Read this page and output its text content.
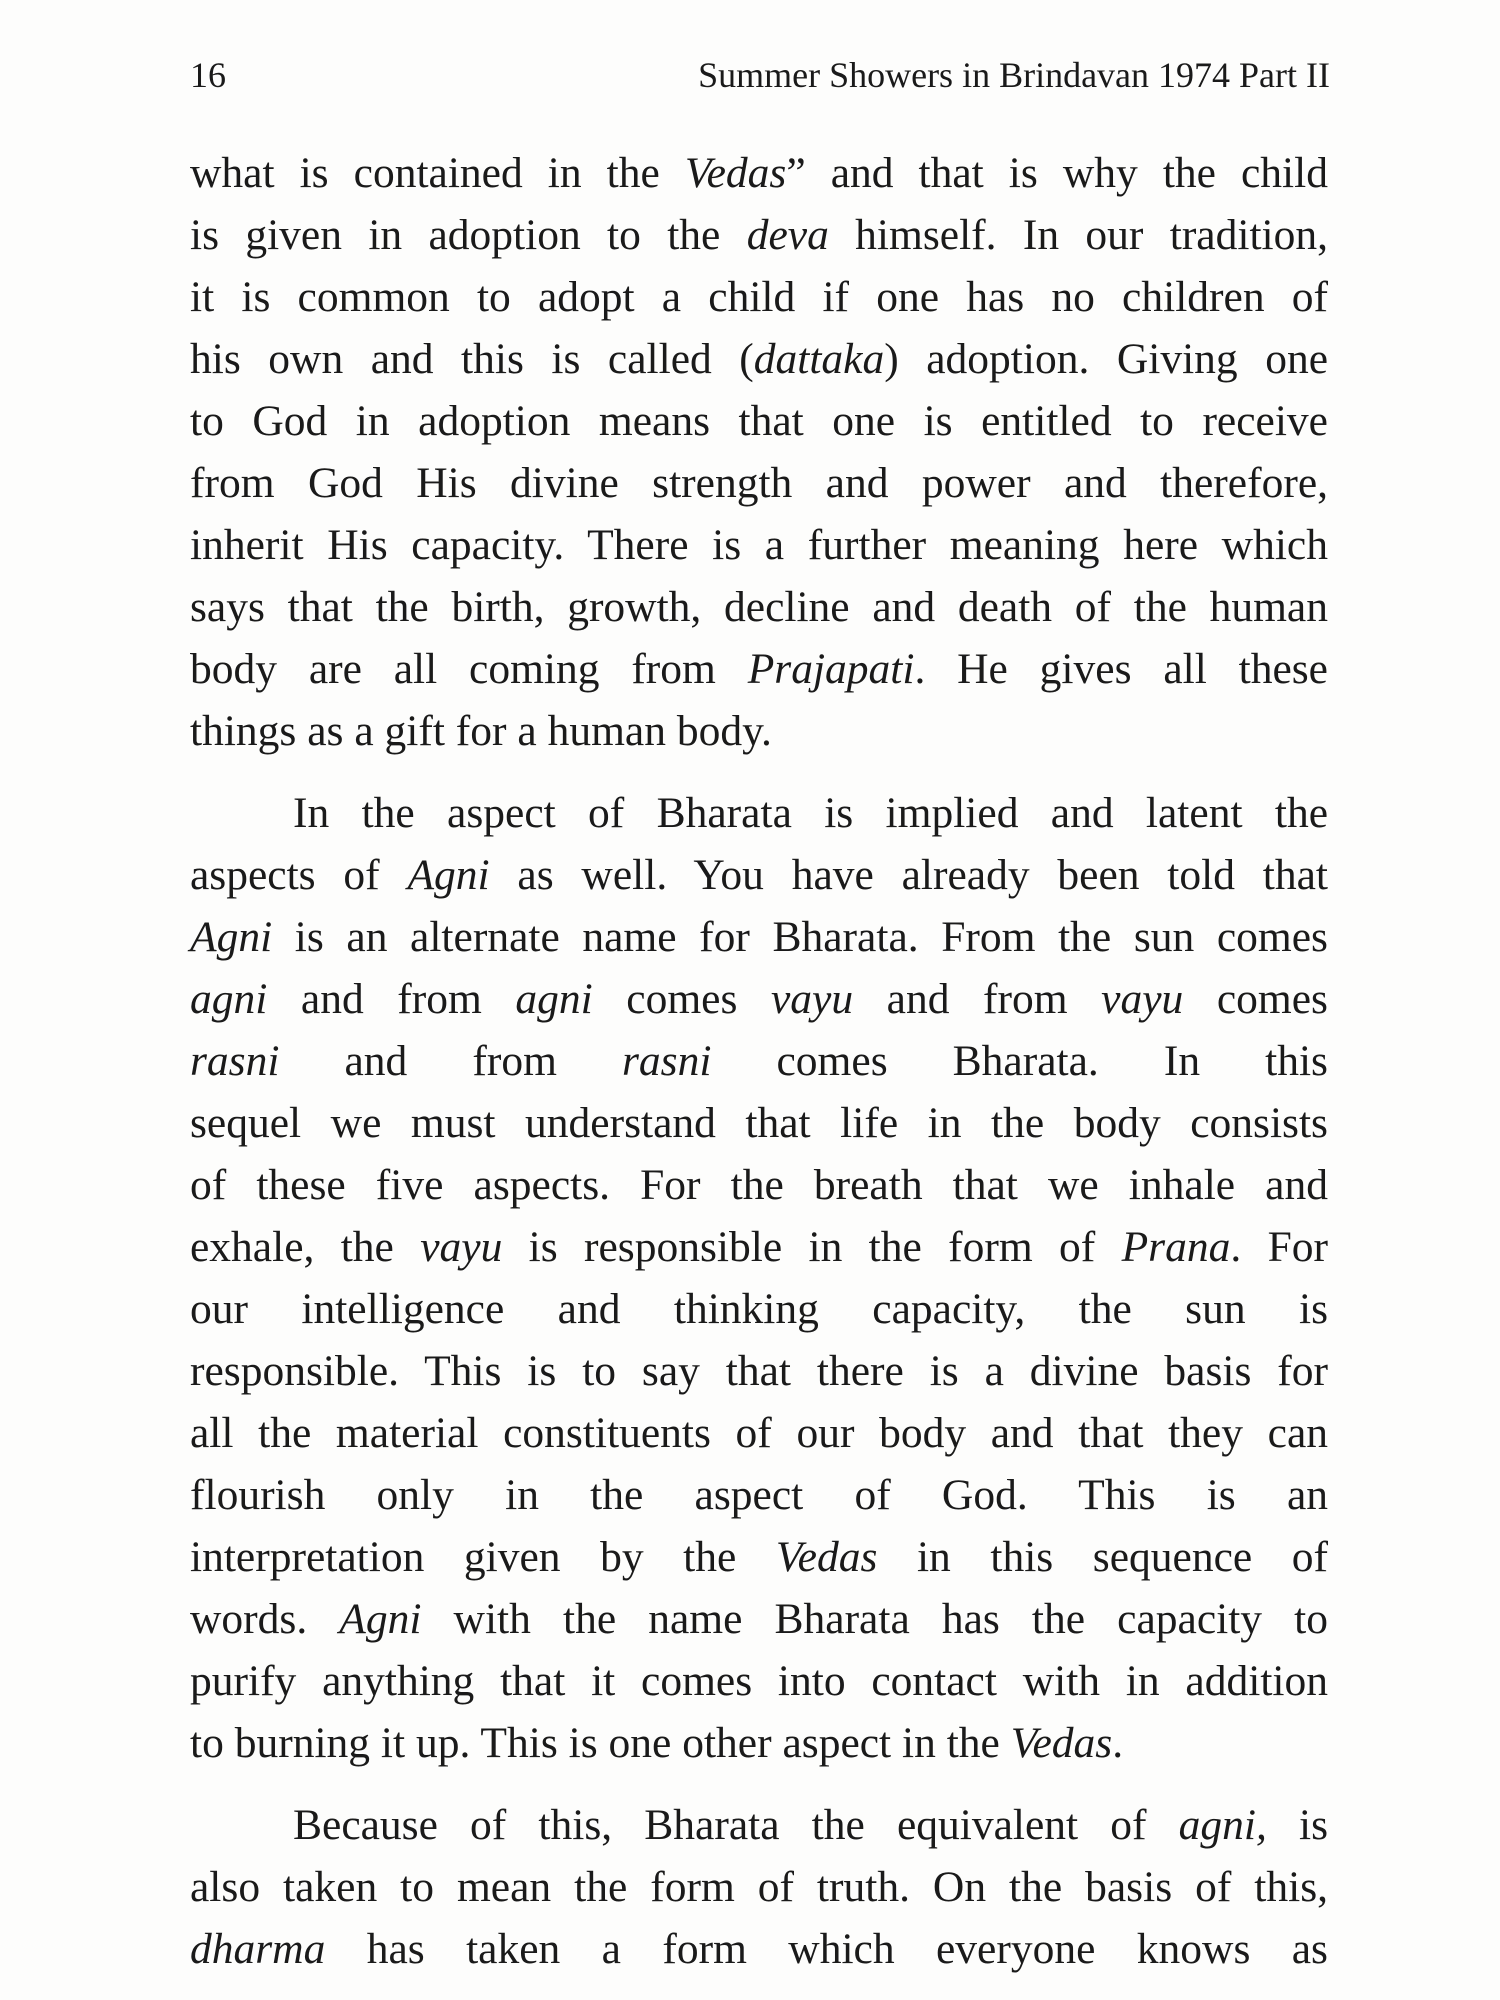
16	Summer Showers in Brindavan 1974 Part II
what is contained in the Vedas” and that is why the child
is given in adoption to the deva himself. In our tradition,
it is common to adopt a child if one has no children of
his own and this is called (dattaka) adoption. Giving one
to God in adoption means that one is entitled to receive
from God His divine strength and power and therefore,
inherit His capacity. There is a further meaning here which
says that the birth, growth, decline and death of the human
body are all coming from Prajapati. He gives all these
things as a gift for a human body.
In the aspect of Bharata is implied and latent the
aspects of Agni as well. You have already been told that
Agni is an alternate name for Bharata. From the sun comes
agni and from agni comes vayu and from vayu comes
rasni and from rasni comes Bharata. In this
sequel we must understand that life in the body consists
of these five aspects. For the breath that we inhale and
exhale, the vayu is responsible in the form of Prana. For
our intelligence and thinking capacity, the sun is
responsible. This is to say that there is a divine basis for
all the material constituents of our body and that they can
flourish only in the aspect of God. This is an
interpretation given by the Vedas in this sequence of
words. Agni with the name Bharata has the capacity to
purify anything that it comes into contact with in addition
to burning it up. This is one other aspect in the Vedas.
Because of this, Bharata the equivalent of agni, is
also taken to mean the form of truth. On the basis of this,
dharma has taken a form which everyone knows as
